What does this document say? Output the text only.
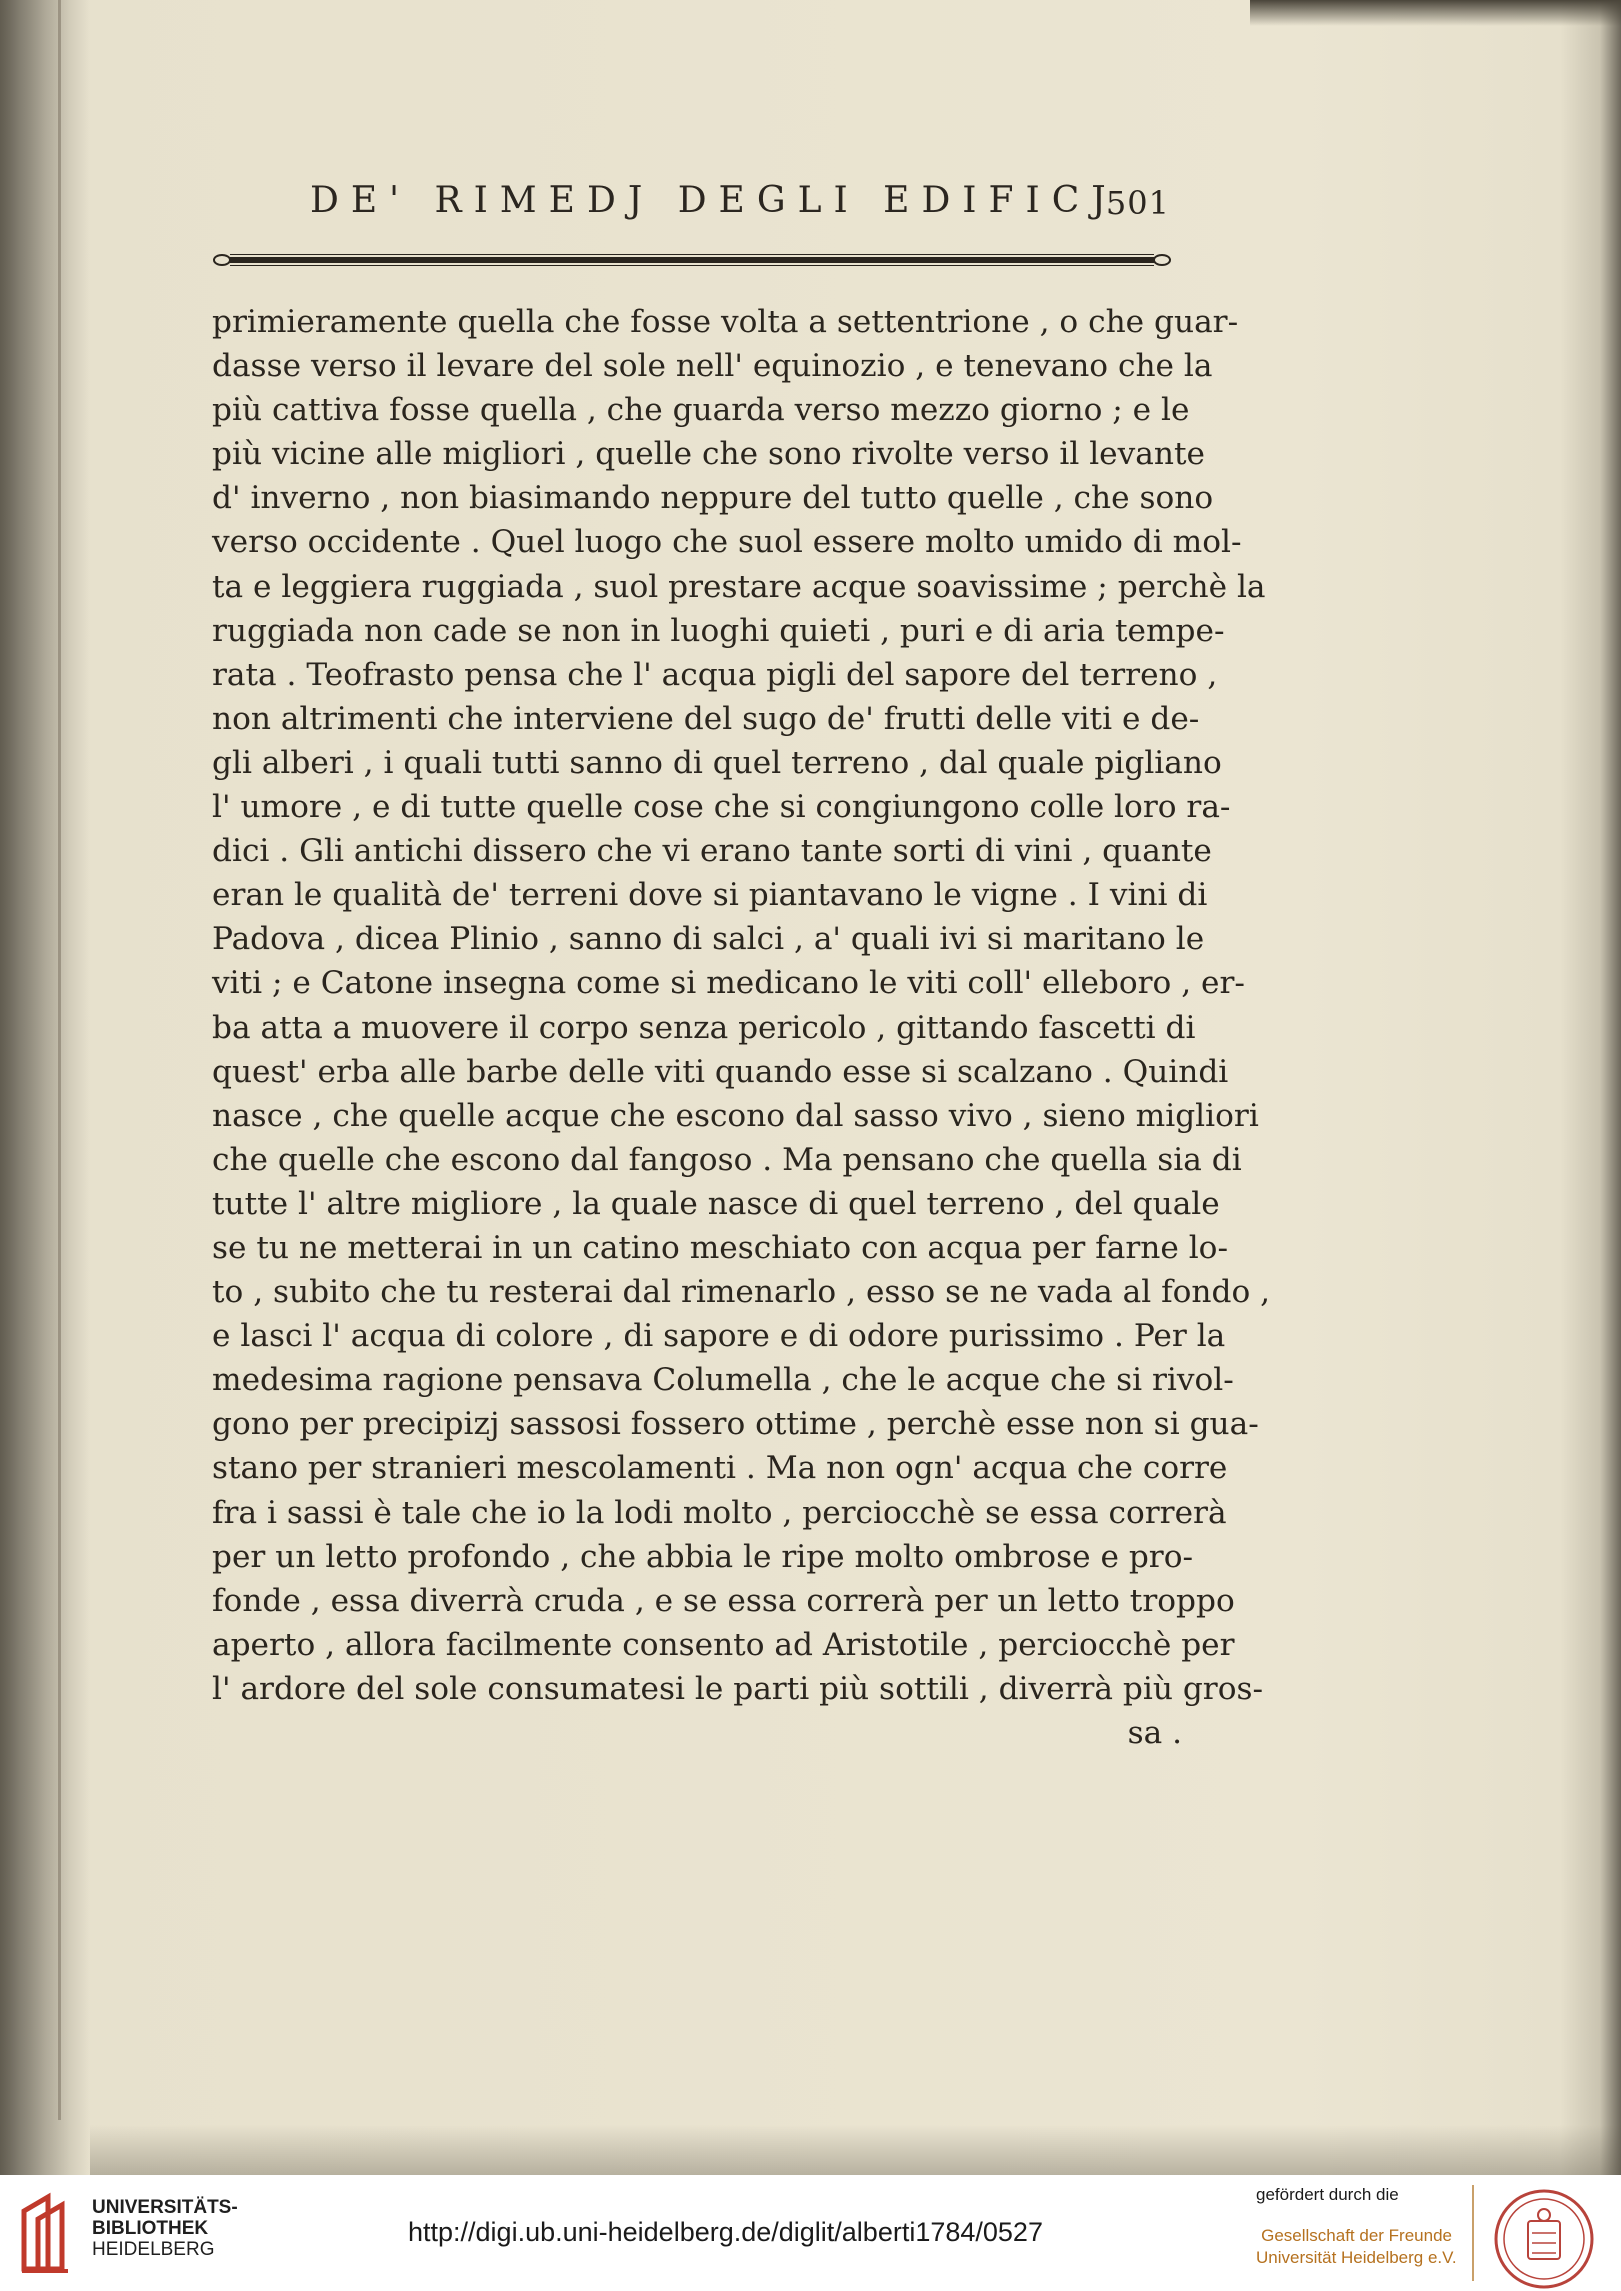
DE' RIMEDJ DEGLI EDIFICJ
501
primieramente quella che fosse volta a settentrione , o che guar-
dasse verso il levare del sole nell' equinozio , e tenevano che la
più cattiva fosse quella , che guarda verso mezzo giorno ; e le
più vicine alle migliori , quelle che sono rivolte verso il levante
d' inverno , non biasimando neppure del tutto quelle , che sono
verso occidente . Quel luogo che suol essere molto umido di mol-
ta e leggiera ruggiada , suol prestare acque soavissime ; perchè la
ruggiada non cade se non in luoghi quieti , puri e di aria tempe-
rata . Teofrasto pensa che l' acqua pigli del sapore del terreno ,
non altrimenti che interviene del sugo de' frutti delle viti e de-
gli alberi , i quali tutti sanno di quel terreno , dal quale pigliano
l' umore , e di tutte quelle cose che si congiungono colle loro ra-
dici . Gli antichi dissero che vi erano tante sorti di vini , quante
eran le qualità de' terreni dove si piantavano le vigne . I vini di
Padova , dicea Plinio , sanno di salci , a' quali ivi si maritano le
viti ; e Catone insegna come si medicano le viti coll' elleboro , er-
ba atta a muovere il corpo senza pericolo , gittando fascetti di
quest' erba alle barbe delle viti quando esse si scalzano . Quindi
nasce , che quelle acque che escono dal sasso vivo , sieno migliori
che quelle che escono dal fangoso . Ma pensano che quella sia di
tutte l' altre migliore , la quale nasce di quel terreno , del quale
se tu ne metterai in un catino meschiato con acqua per farne lo-
to , subito che tu resterai dal rimenarlo , esso se ne vada al fondo ,
e lasci l' acqua di colore , di sapore e di odore purissimo . Per la
medesima ragione pensava Columella , che le acque che si rivol-
gono per precipizj sassosi fossero ottime , perchè esse non si gua-
stano per stranieri mescolamenti . Ma non ogn' acqua che corre
fra i sassi è tale che io la lodi molto , perciocchè se essa correrà
per un letto profondo , che abbia le ripe molto ombrose e pro-
fonde , essa diverrà cruda , e se essa correrà per un letto troppo
aperto , allora facilmente consento ad Aristotile , perciocchè per
l' ardore del sole consumatesi le parti più sottili , diverrà più gros-
sa .
UNIVERSITÄTS-
BIBLIOTHEK
HEIDELBERG
http://digi.ub.uni-heidelberg.de/diglit/alberti1784/0527
gefördert durch die
Gesellschaft der Freunde
Universität Heidelberg e.V.
